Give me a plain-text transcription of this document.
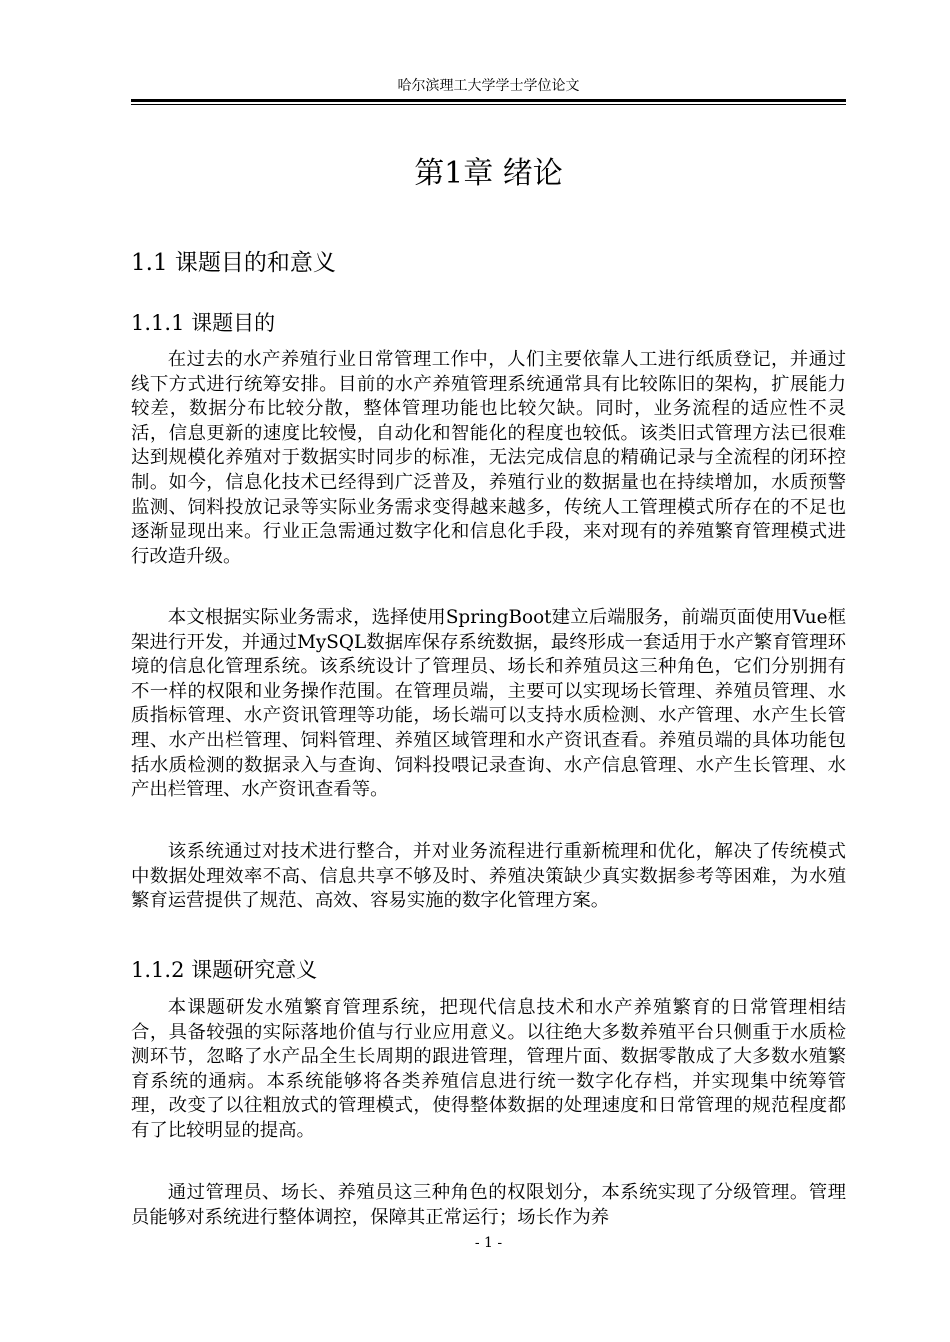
哈尔滨理工大学学士学位论文
第1章 绪论
1.1 课题目的和意义
1.1.1 课题目的

在过去的水产养殖行业日常管理工作中，人们主要依靠人工进行纸质登记，并通过线下方式进行统筹安排。目前的水产养殖管理系统通常具有比较陈旧的架构，扩展能力较差，数据分布比较分散，整体管理功能也比较欠缺。同时，业务流程的适应性不灵活，信息更新的速度比较慢，自动化和智能化的程度也较低。该类旧式管理方法已很难达到规模化养殖对于数据实时同步的标准，无法完成信息的精确记录与全流程的闭环控制。如今，信息化技术已经得到广泛普及，养殖行业的数据量也在持续增加，水质预警监测、饲料投放记录等实际业务需求变得越来越多，传统人工管理模式所存在的不足也逐渐显现出来。行业正急需通过数字化和信息化手段，来对现有的养殖繁育管理模式进行改造升级。

本文根据实际业务需求，选择使用SpringBoot建立后端服务，前端页面使用Vue框架进行开发，并通过MySQL数据库保存系统数据，最终形成一套适用于水产繁育管理环境的信息化管理系统。该系统设计了管理员、场长和养殖员这三种角色，它们分别拥有不一样的权限和业务操作范围。在管理员端，主要可以实现场长管理、养殖员管理、水质指标管理、水产资讯管理等功能，场长端可以支持水质检测、水产管理、水产生长管理、水产出栏管理、饲料管理、养殖区域管理和水产资讯查看。养殖员端的具体功能包括水质检测的数据录入与查询、饲料投喂记录查询、水产信息管理、水产生长管理、水产出栏管理、水产资讯查看等。

该系统通过对技术进行整合，并对业务流程进行重新梳理和优化，解决了传统模式中数据处理效率不高、信息共享不够及时、养殖决策缺少真实数据参考等困难，为水殖繁育运营提供了规范、高效、容易实施的数字化管理方案。

1.1.2 课题研究意义

本课题研发水殖繁育管理系统，把现代信息技术和水产养殖繁育的日常管理相结合，具备较强的实际落地价值与行业应用意义。以往绝大多数养殖平台只侧重于水质检测环节，忽略了水产品全生长周期的跟进管理，管理片面、数据零散成了大多数水殖繁育系统的通病。本系统能够将各类养殖信息进行统一数字化存档，并实现集中统筹管理，改变了以往粗放式的管理模式，使得整体数据的处理速度和日常管理的规范程度都有了比较明显的提高。

通过管理员、场长、养殖员这三种角色的权限划分，本系统实现了分级管理。管理员能够对系统进行整体调控，保障其正常运行；场长作为养

- 1 -
